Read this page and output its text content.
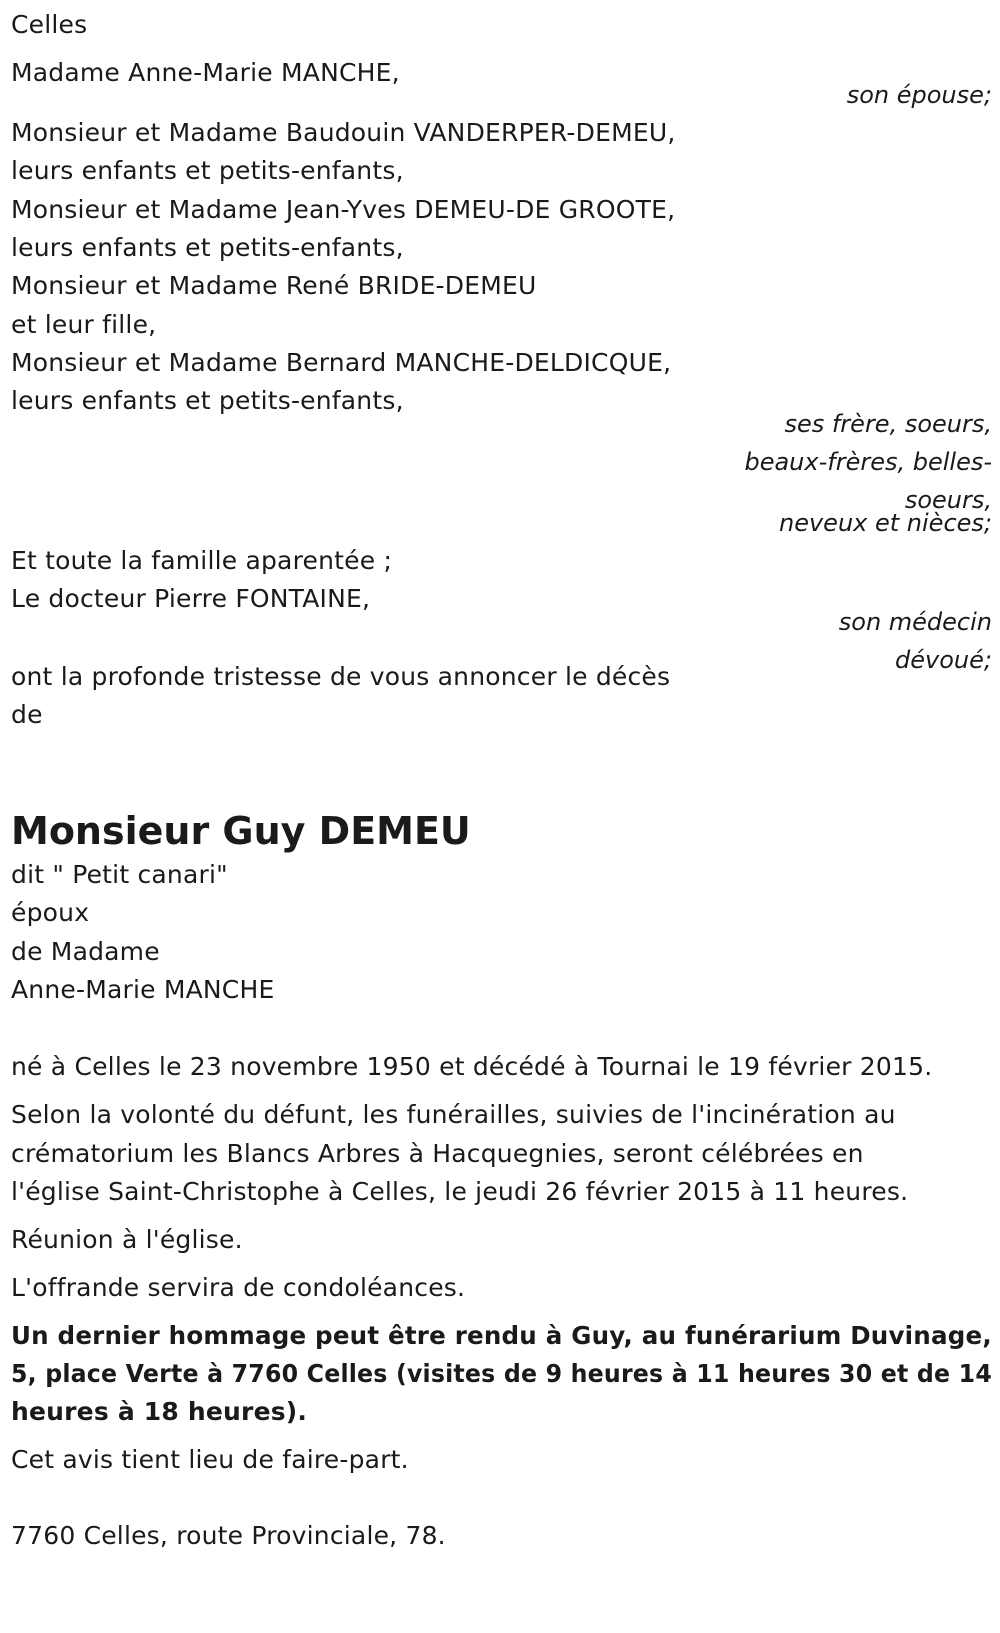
Celles
Madame Anne-Marie MANCHE,
son épouse;
Monsieur et Madame Baudouin VANDERPER-DEMEU,
leurs enfants et petits-enfants,
Monsieur et Madame Jean-Yves DEMEU-DE GROOTE,
leurs enfants et petits-enfants,
Monsieur et Madame René BRIDE-DEMEU
et leur fille,
Monsieur et Madame Bernard MANCHE-DELDICQUE,
leurs enfants et petits-enfants,
ses frère, soeurs,
beaux-frères, belles-
soeurs,
neveux et nièces;
Et toute la famille aparentée ;
Le docteur Pierre FONTAINE,
son médecin
dévoué;
ont la profonde tristesse de vous annoncer le décès
de
Monsieur Guy DEMEU
dit " Petit canari"
époux
de Madame
Anne-Marie MANCHE
né à Celles le 23 novembre 1950 et décédé à Tournai le 19 février 2015.
Selon la volonté du défunt, les funérailles, suivies de l'incinération au
crématorium les Blancs Arbres à Hacquegnies, seront célébrées en
l'église Saint-Christophe à Celles, le jeudi 26 février 2015 à 11 heures.
Réunion à l'église.
L'offrande servira de condoléances.
Un dernier hommage peut être rendu à Guy, au funérarium Duvinage,
5, place Verte à 7760 Celles (visites de 9 heures à 11 heures 30 et de 14
heures à 18 heures).
Cet avis tient lieu de faire-part.
7760 Celles, route Provinciale, 78.
